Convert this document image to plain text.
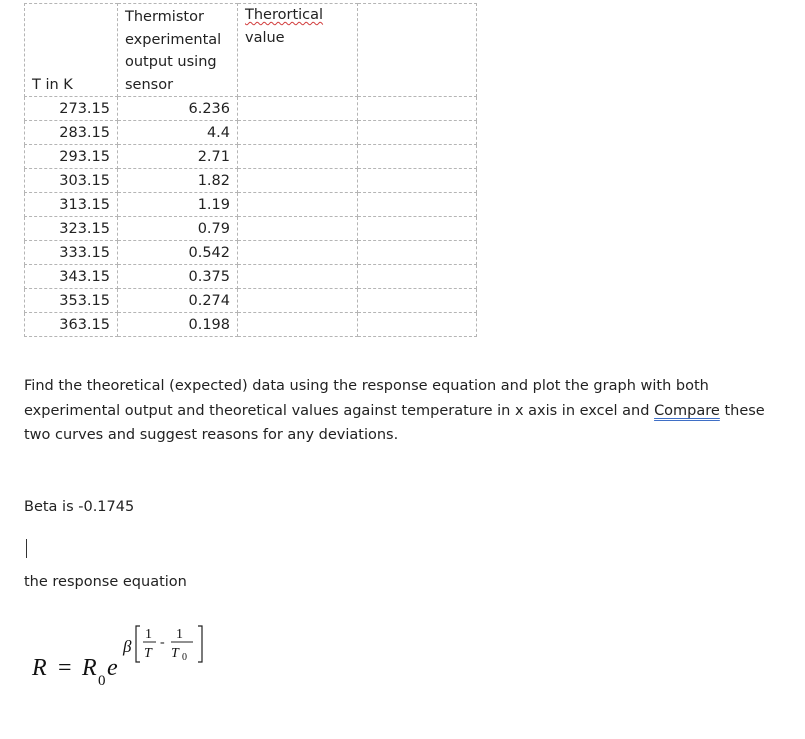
T in K	Thermistor
experimental
output using
sensor	Therortical
value	

273.15	6.236		
283.15	4.4		
293.15	2.71		
303.15	1.82		
313.15	1.19		
323.15	0.79		
333.15	0.542		
343.15	0.375		
353.15	0.274		
363.15	0.198		
Find the theoretical (expected) data using the response equation and plot the graph with both experimental output and theoretical values against temperature in x axis in excel and Compare these two curves and suggest reasons for any deviations.
Beta is -0.1745
the response equation
R = R 0 e
β
1
T
-
1
T 0
